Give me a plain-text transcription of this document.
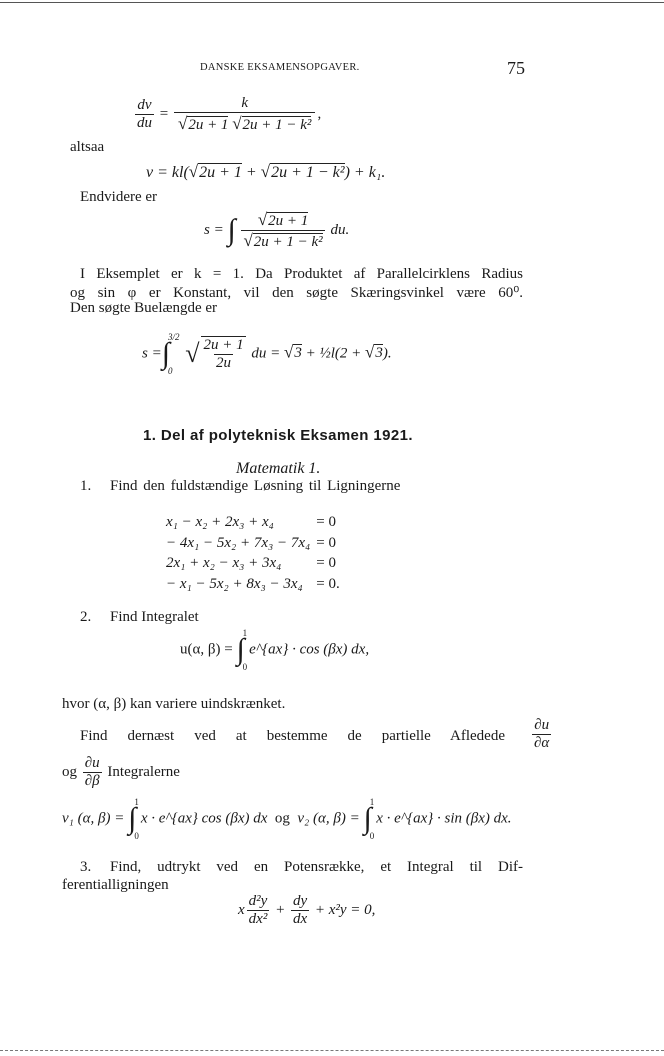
DANSKE EKSAMENSOPGAVER.	75
$\frac{dv}{du} = \frac{k}{\text{√2u + 1 √2u + 1 − k²}}$ ,
altsaa
v = kl(√2u + 1 + √2u + 1 − k²) + k₁.
Endvidere er
s = ∫ $\frac{√2u + 1}{\text{√2u + 1 − k²}}$ du.
I Eksemplet er k = 1. Da Produktet af Parallelcirklens Radius
og sin φ er Konstant, vil den søgte Skæringsvinkel være 60⁰.
Den søgte Buelængde er
s =∫
3/2
0
√ $\frac{2u + 1}{2u}$ du = √3 + ½l(2 + √3).
1. Del af polyteknisk Eksamen 1921.
Matematik 1.
1. Find den fuldstændige Løsning til Ligningerne
x₁ − x₂ + 2x₃ + x₄	= 0
− 4x₁ − 5x₂ + 7x₃ − 7x₄	= 0
2x₁ + x₂ − x₃ + 3x₄	= 0
− x₁ − 5x₂ + 8x₃ − 3x₄	= 0.
2. Find Integralet
u(α, β) = ∫
1
0
e^{ax} · cos (βx) dx,
hvor (α, β) kan variere uindskrænket.
Find dernæst ved at bestemme de partielle Afledede $\frac{\partial u}{\partial\alpha}$
og $\frac{\partial u}{\partial\beta}$ Integralerne
v₁ (α, β) = ∫
1
0
x · e^{ax} cos (βx) dx og v₂ (α, β) = ∫
1
0
x · e^{ax} · sin (βx) dx.
3. Find, udtrykt ved en Potensrække, et Integral til Dif-
ferentialligningen
x $\frac{\text{d²y}}{\text{dx²}} + \frac{dy}{dx} + x^2y = 0$,
